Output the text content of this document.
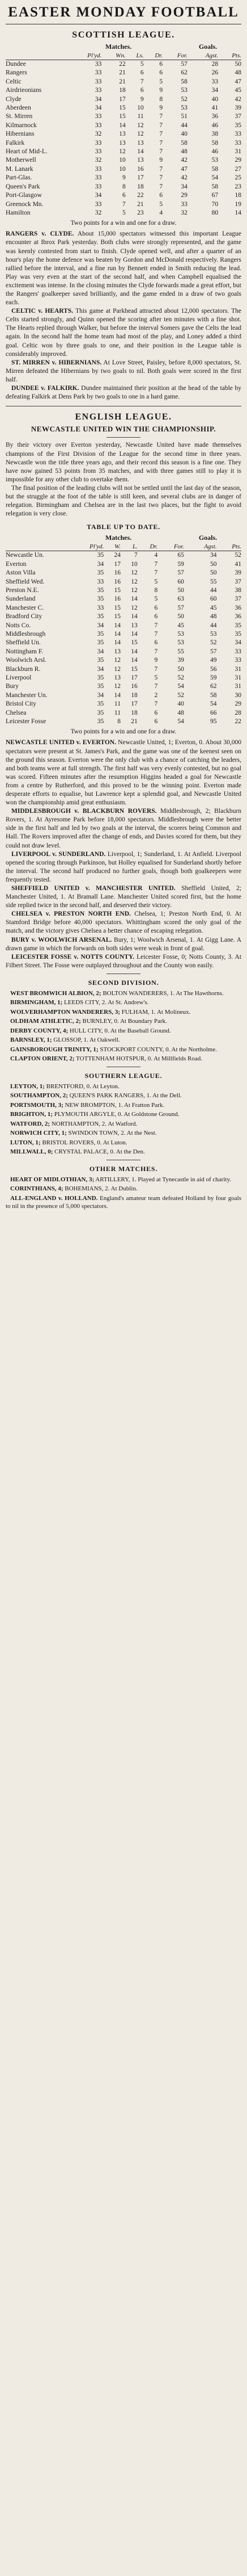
EASTER MONDAY FOOTBALL
SCOTTISH LEAGUE.
Matches.	Goals.
	Pl'yd.	Wn.	Ls.	Dr.	For.	Agst.	Pts.
Dundee	33	22	5	6	57	28	50
Rangers	33	21	6	6	62	26	48
Celtic	33	21	7	5	58	33	47
Airdrieonians	33	18	6	9	53	34	45
Clyde	34	17	9	8	52	40	42
Aberdeen	34	15	10	9	53	41	39
St. Mirren	33	15	11	7	51	36	37
Kilmarnock	33	14	12	7	44	46	35
Hibernians	32	13	12	7	40	38	33
Falkirk	33	13	13	7	58	58	33
Heart of Mid-L.	33	12	14	7	48	46	31
Motherwell	32	10	13	9	42	53	29
M. Lanark	33	10	16	7	47	58	27
Part-Glas.	33	9	17	7	42	54	25
Queen's Park	33	8	18	7	34	58	23
Port-Glasgow	34	6	22	6	29	67	18
Greenock Mn.	33	7	21	5	33	70	19
Hamilton	32	5	23	4	32	80	14
Two points for a win and one for a draw.

RANGERS v. CLYDE. About 15,000 spectators witnessed this important League encounter at Ibrox Park yesterday. Both clubs were strongly represented, and the game was keenly contested from start to finish. Clyde opened well, and after a quarter of an hour's play the home defence was beaten by Gordon and McDonald respectively. Rangers rallied before the interval, and a fine run by Bennett ended in Smith reducing the lead. Play was very even at the start of the second half, and when Campbell equalised the excitement was intense. In the closing minutes the Clyde forwards made a great effort, but the Rangers' goalkeeper saved brilliantly, and the game ended in a draw of two goals each.

CELTIC v. HEARTS. This game at Parkhead attracted about 12,000 spectators. The Celts started strongly, and Quinn opened the scoring after ten minutes with a fine shot. The Hearts replied through Walker, but before the interval Somers gave the Celts the lead again. In the second half the home team had most of the play, and Loney added a third goal. Celtic won by three goals to one, and their position in the League table is considerably improved.

ST. MIRREN v. HIBERNIANS. At Love Street, Paisley, before 8,000 spectators, St. Mirren defeated the Hibernians by two goals to nil. Both goals were scored in the first half.

DUNDEE v. FALKIRK. Dundee maintained their position at the head of the table by defeating Falkirk at Dens Park by two goals to one in a hard game.

ENGLISH LEAGUE.
NEWCASTLE UNITED WIN THE CHAMPIONSHIP.

By their victory over Everton yesterday, Newcastle United have made themselves champions of the First Division of the League for the second time in three years. Newcastle won the title three years ago, and their record this season is a fine one. They have now gained 53 points from 35 matches, and with three games still to play it is impossible for any other club to overtake them.

The final position of the leading clubs will not be settled until the last day of the season, but the struggle at the foot of the table is still keen, and several clubs are in danger of relegation. Birmingham and Chelsea are in the last two places, but the fight to avoid relegation is very close.

TABLE UP TO DATE.
Matches.	Goals.
	Pl'yd.	W.	L.	Dr.	For.	Agst.	Pts.
Newcastle Un.	35	24	7	4	65	34	52
Everton	34	17	10	7	59	50	41
Aston Villa	35	16	12	7	57	50	39
Sheffield Wed.	33	16	12	5	60	55	37
Preston N.E.	35	15	12	8	50	44	38
Sunderland	35	16	14	5	63	60	37
Manchester C.	33	15	12	6	57	45	36
Bradford City	35	15	14	6	50	48	36
Notts Co.	34	14	13	7	45	44	35
Middlesbrough	35	14	14	7	53	53	35
Sheffield Un.	35	14	15	6	53	52	34
Nottingham F.	34	13	14	7	55	57	33
Woolwich Arsl.	35	12	14	9	39	49	33
Blackburn R.	34	12	15	7	50	56	31
Liverpool	35	13	17	5	52	59	31
Bury	35	12	16	7	54	62	31
Manchester Un.	34	14	18	2	52	58	30
Bristol City	35	11	17	7	40	54	29
Chelsea	35	11	18	6	48	66	28
Leicester Fosse	35	8	21	6	54	95	22
Two points for a win and one for a draw.

NEWCASTLE UNITED v. EVERTON. Newcastle United, 1; Everton, 0. About 30,000 spectators were present at St. James's Park, and the game was one of the keenest seen on the ground this season. Everton were the only club with a chance of catching the leaders, and both teams were at full strength. The first half was very evenly contested, but no goal was scored. Fifteen minutes after the resumption Higgins headed a goal for Newcastle from a centre by Rutherford, and this proved to be the winning point. Everton made desperate efforts to equalise, but Lawrence kept a splendid goal, and Newcastle United won the championship amid great enthusiasm.

MIDDLESBROUGH v. BLACKBURN ROVERS. Middlesbrough, 2; Blackburn Rovers, 1. At Ayresome Park before 18,000 spectators. Middlesbrough were the better side in the first half and led by two goals at the interval, the scorers being Common and Hall. The Rovers improved after the change of ends, and Davies scored for them, but they could not draw level.

LIVERPOOL v. SUNDERLAND. Liverpool, 1; Sunderland, 1. At Anfield. Liverpool opened the scoring through Parkinson, but Holley equalised for Sunderland shortly before the interval. The second half produced no further goals, though both goalkeepers were frequently tested.

SHEFFIELD UNITED v. MANCHESTER UNITED. Sheffield United, 2; Manchester United, 1. At Bramall Lane. Manchester United scored first, but the home side replied twice in the second half, and deserved their victory.

CHELSEA v. PRESTON NORTH END. Chelsea, 1; Preston North End, 0. At Stamford Bridge before 40,000 spectators. Whittingham scored the only goal of the match, and the victory gives Chelsea a better chance of escaping relegation.

BURY v. WOOLWICH ARSENAL. Bury, 1; Woolwich Arsenal, 1. At Gigg Lane. A drawn game in which the forwards on both sides were weak in front of goal.

LEICESTER FOSSE v. NOTTS COUNTY. Leicester Fosse, 0; Notts County, 3. At Filbert Street. The Fosse were outplayed throughout and the County won easily.

SECOND DIVISION.

WEST BROMWICH ALBION, 2; BOLTON WANDERERS, 1. At The Hawthorns.

BIRMINGHAM, 1; LEEDS CITY, 2. At St. Andrew's.

WOLVERHAMPTON WANDERERS, 3; FULHAM, 1. At Molineux.

OLDHAM ATHLETIC, 2; BURNLEY, 0. At Boundary Park.

DERBY COUNTY, 4; HULL CITY, 0. At the Baseball Ground.

BARNSLEY, 1; GLOSSOP, 1. At Oakwell.

GAINSBOROUGH TRINITY, 1; STOCKPORT COUNTY, 0. At the Northolme.

CLAPTON ORIENT, 2; TOTTENHAM HOTSPUR, 0. At Millfields Road.

SOUTHERN LEAGUE.

LEYTON, 1; BRENTFORD, 0. At Leyton.

SOUTHAMPTON, 2; QUEEN'S PARK RANGERS, 1. At the Dell.

PORTSMOUTH, 3; NEW BROMPTON, 1. At Fratton Park.

BRIGHTON, 1; PLYMOUTH ARGYLE, 0. At Goldstone Ground.

WATFORD, 2; NORTHAMPTON, 2. At Watford.

NORWICH CITY, 1; SWINDON TOWN, 2. At the Nest.

LUTON, 1; BRISTOL ROVERS, 0. At Luton.

MILLWALL, 0; CRYSTAL PALACE, 0. At the Den.

OTHER MATCHES.

HEART OF MIDLOTHIAN, 3; ARTILLERY, 1. Played at Tynecastle in aid of charity.

CORINTHIANS, 4; BOHEMIANS, 2. At Dublin.

ALL-ENGLAND v. HOLLAND. England's amateur team defeated Holland by four goals to nil in the presence of 5,000 spectators.
